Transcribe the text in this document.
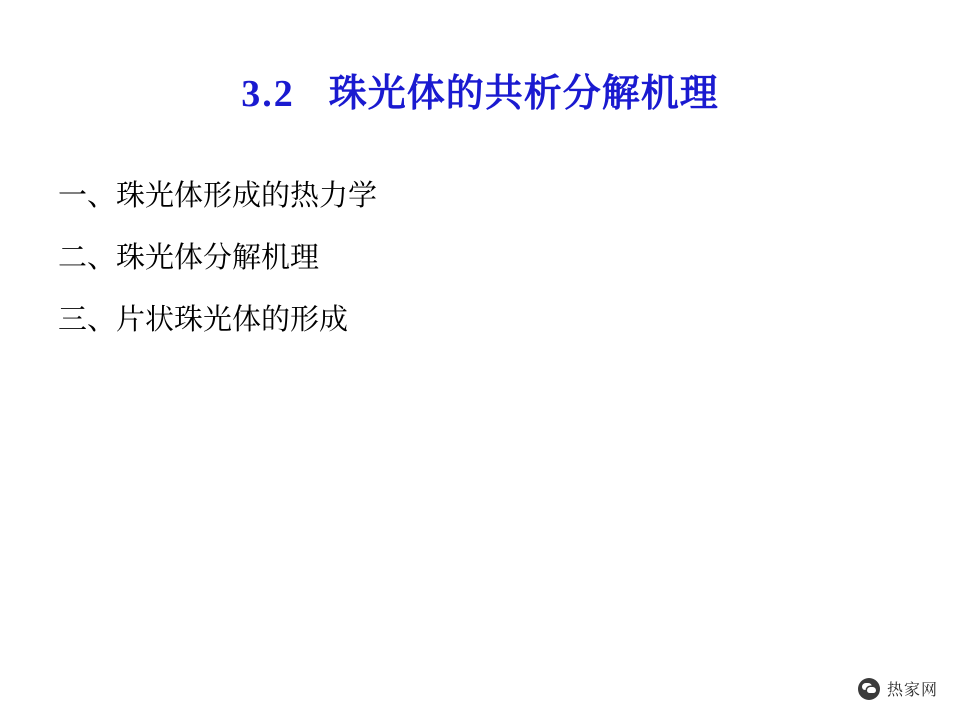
3.2 珠光体的共析分解机理
一、珠光体形成的热力学
二、珠光体分解机理
三、片状珠光体的形成
热家网
